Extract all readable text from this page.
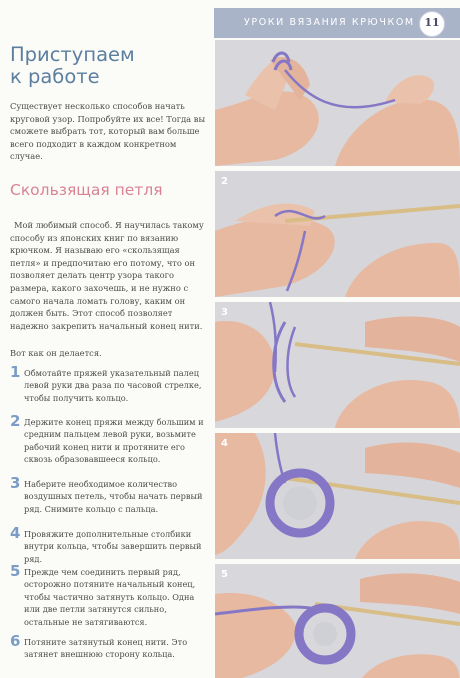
УРОКИ ВЯЗАНИЯ КРЮЧКОМ 11
Приступаем
к работе
Существует несколько способов начать круговой узор. Попробуйте их все! Тогда вы сможете выбрать тот, который вам больше всего подходит в каждом конкретном случае.
Скользящая петля
Мой любимый способ. Я научилась такому способу из японских книг по вязанию крючком. Я называю его «скользящая петля» и предпочитаю его потому, что он позволяет делать центр узора такого размера, какого захочешь, и не нужно с самого начала ломать голову, каким он должен быть. Этот способ позволяет надежно закрепить начальный конец нити.
Вот как он делается.
1 Обмотайте пряжей указательный палец левой руки два раза по часовой стрелке, чтобы получить кольцо.
2 Держите конец пряжи между большим и средним пальцем левой руки, возьмите рабочий конец нити и протяните его сквозь образовавшееся кольцо.
3 Наберите необходимое количество воздушных петель, чтобы начать первый ряд. Снимите кольцо с пальца.
4 Провяжите дополнительные столбики внутри кольца, чтобы завершить первый ряд.
5 Прежде чем соединить первый ряд, осторожно потяните начальный конец, чтобы частично затянуть кольцо. Одна или две петли затянутся сильно, остальные не затягиваются.
6 Потяните затянутый конец нити. Это затянет внешнюю сторону кольца.
2
3
4
5
